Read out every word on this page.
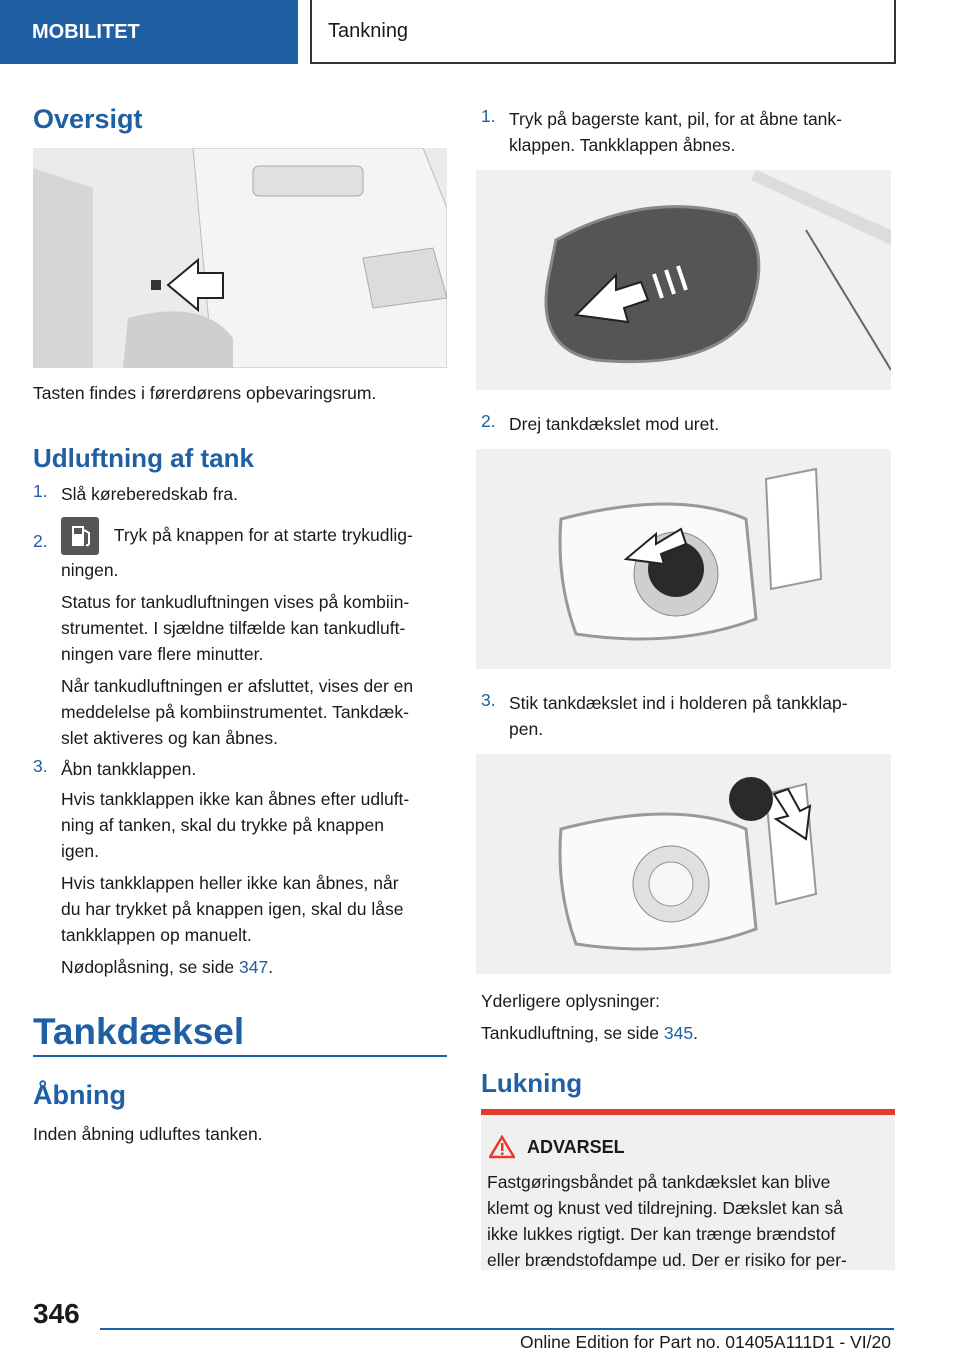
MOBILITET	Tankning
Oversigt
Tasten findes i førerdørens opbevaringsrum.
Udluftning af tank
1. Slå køreberedskab fra.
2.	Tryk på knappen for at starte trykudlig-
ningen.
Status for tankudluftningen vises på kombiin-
strumentet. I sjældne tilfælde kan tankudluft-
ningen vare flere minutter.
Når tankudluftningen er afsluttet, vises der en
meddelelse på kombiinstrumentet. Tankdæk-
slet aktiveres og kan åbnes.
3. Åbn tankklappen.
Hvis tankklappen ikke kan åbnes efter udluft-
ning af tanken, skal du trykke på knappen
igen.
Hvis tankklappen heller ikke kan åbnes, når
du har trykket på knappen igen, skal du låse
tankklappen op manuelt.
Nødoplåsning, se side 347.
Tankdæksel
Åbning
Inden åbning udluftes tanken.
1. Tryk på bagerste kant, pil, for at åbne tank-
klappen. Tankklappen åbnes.
2. Drej tankdækslet mod uret.
3. Stik tankdækslet ind i holderen på tankklap-
pen.
Yderligere oplysninger:
Tankudluftning, se side 345.
Lukning
ADVARSEL
Fastgøringsbåndet på tankdækslet kan blive
klemt og knust ved tildrejning. Dækslet kan så
ikke lukkes rigtigt. Der kan trænge brændstof
eller brændstofdampe ud. Der er risiko for per-
346
Online Edition for Part no. 01405A111D1 - VI/20
